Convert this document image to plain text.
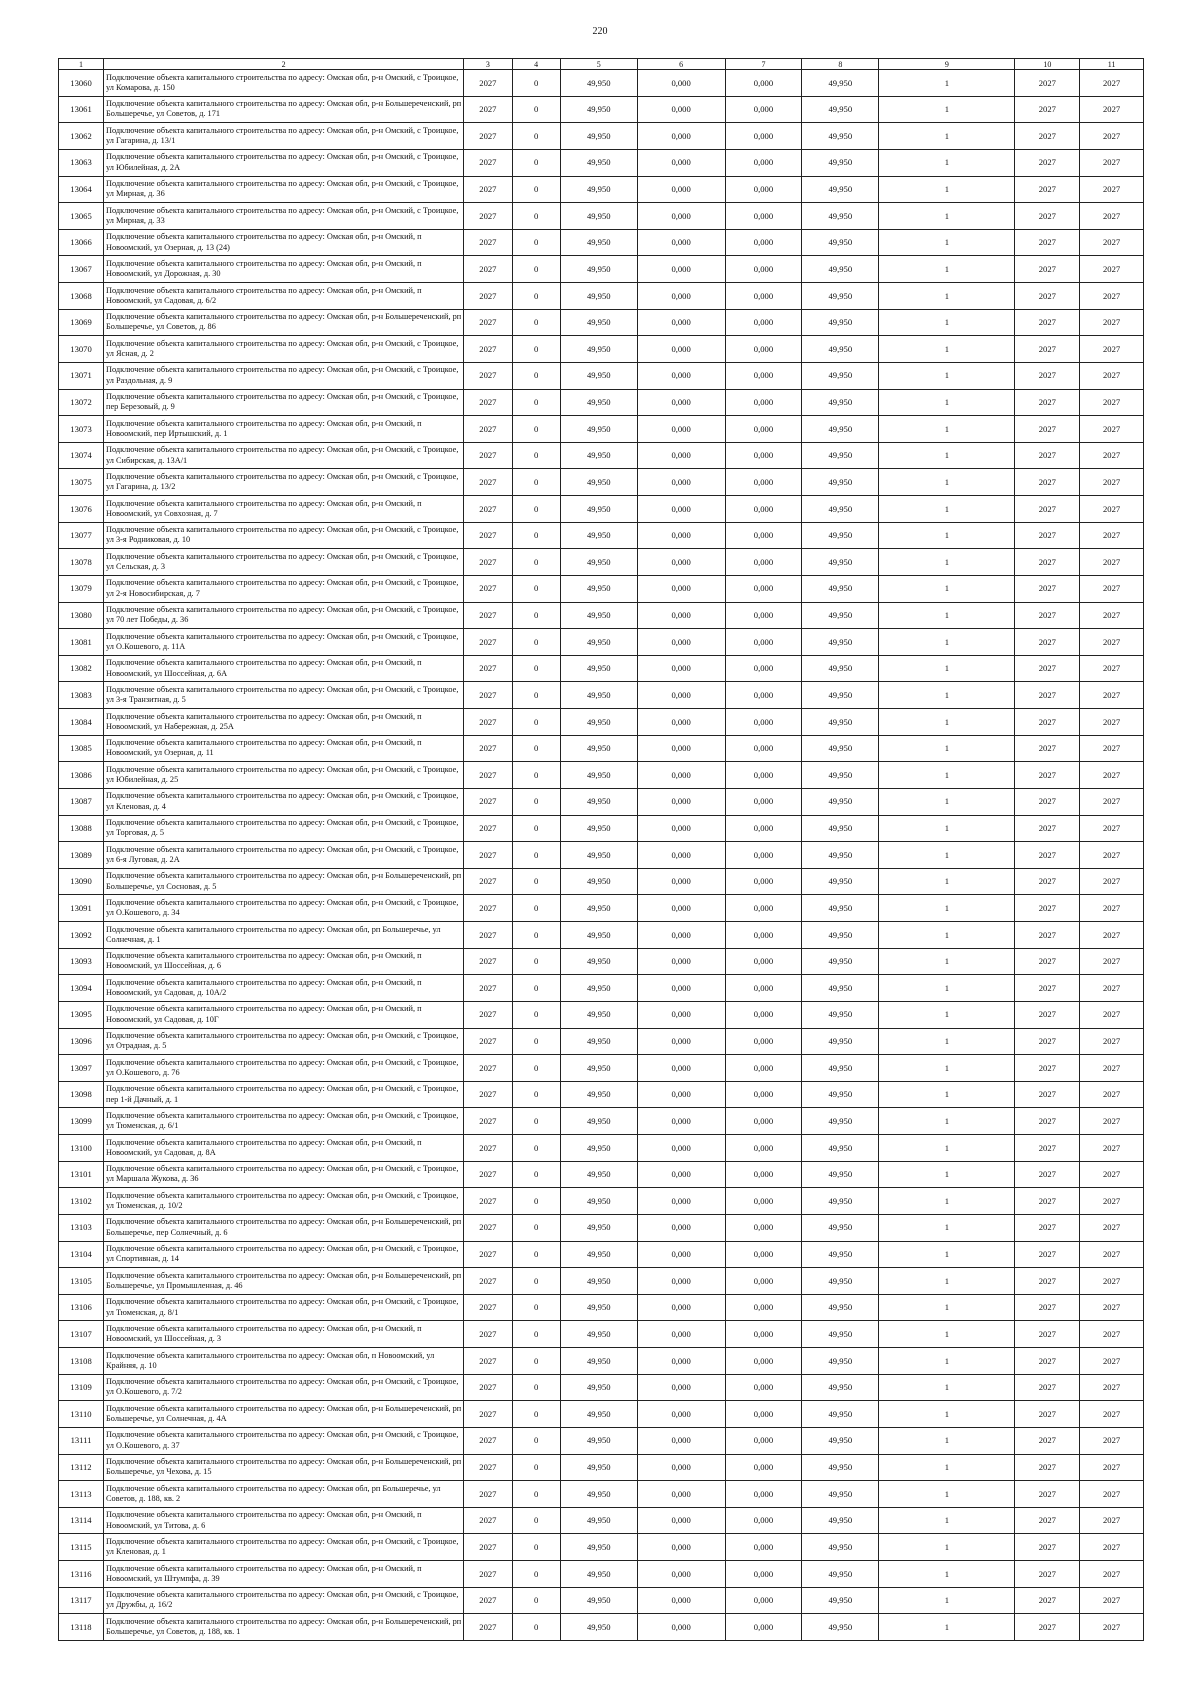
220
1	2	3	4	5	6	7	8	9	10	11
13060	Подключение объекта капитального строительства по адресу: Омская обл, р-н Омский, с Троицкое, ул Комарова, д. 150	2027	0	49,950	0,000	0,000	49,950	1	2027	2027
13061	Подключение объекта капитального строительства по адресу: Омская обл, р-н Большереченский, рп Большеречье, ул Советов, д. 171	2027	0	49,950	0,000	0,000	49,950	1	2027	2027
13062	Подключение объекта капитального строительства по адресу: Омская обл, р-н Омский, с Троицкое, ул Гагарина, д. 13/1	2027	0	49,950	0,000	0,000	49,950	1	2027	2027
13063	Подключение объекта капитального строительства по адресу: Омская обл, р-н Омский, с Троицкое, ул Юбилейная, д. 2А	2027	0	49,950	0,000	0,000	49,950	1	2027	2027
13064	Подключение объекта капитального строительства по адресу: Омская обл, р-н Омский, с Троицкое, ул Мирная, д. 36	2027	0	49,950	0,000	0,000	49,950	1	2027	2027
13065	Подключение объекта капитального строительства по адресу: Омская обл, р-н Омский, с Троицкое, ул Мирная, д. 33	2027	0	49,950	0,000	0,000	49,950	1	2027	2027
13066	Подключение объекта капитального строительства по адресу: Омская обл, р-н Омский, п Новоомский, ул Озерная, д. 13 (24)	2027	0	49,950	0,000	0,000	49,950	1	2027	2027
13067	Подключение объекта капитального строительства по адресу: Омская обл, р-н Омский, п Новоомский, ул Дорожная, д. 30	2027	0	49,950	0,000	0,000	49,950	1	2027	2027
13068	Подключение объекта капитального строительства по адресу: Омская обл, р-н Омский, п Новоомский, ул Садовая, д. 6/2	2027	0	49,950	0,000	0,000	49,950	1	2027	2027
13069	Подключение объекта капитального строительства по адресу: Омская обл, р-н Большереченский, рп Большеречье, ул Советов, д. 86	2027	0	49,950	0,000	0,000	49,950	1	2027	2027
13070	Подключение объекта капитального строительства по адресу: Омская обл, р-н Омский, с Троицкое, ул Ясная, д. 2	2027	0	49,950	0,000	0,000	49,950	1	2027	2027
13071	Подключение объекта капитального строительства по адресу: Омская обл, р-н Омский, с Троицкое, ул Раздольная, д. 9	2027	0	49,950	0,000	0,000	49,950	1	2027	2027
13072	Подключение объекта капитального строительства по адресу: Омская обл, р-н Омский, с Троицкое, пер Березовый, д. 9	2027	0	49,950	0,000	0,000	49,950	1	2027	2027
13073	Подключение объекта капитального строительства по адресу: Омская обл, р-н Омский, п Новоомский, пер Иртышский, д. 1	2027	0	49,950	0,000	0,000	49,950	1	2027	2027
13074	Подключение объекта капитального строительства по адресу: Омская обл, р-н Омский, с Троицкое, ул Сибирская, д. 13А/1	2027	0	49,950	0,000	0,000	49,950	1	2027	2027
13075	Подключение объекта капитального строительства по адресу: Омская обл, р-н Омский, с Троицкое, ул Гагарина, д. 13/2	2027	0	49,950	0,000	0,000	49,950	1	2027	2027
13076	Подключение объекта капитального строительства по адресу: Омская обл, р-н Омский, п Новоомский, ул Совхозная, д. 7	2027	0	49,950	0,000	0,000	49,950	1	2027	2027
13077	Подключение объекта капитального строительства по адресу: Омская обл, р-н Омский, с Троицкое, ул 3-я Родниковая, д. 10	2027	0	49,950	0,000	0,000	49,950	1	2027	2027
13078	Подключение объекта капитального строительства по адресу: Омская обл, р-н Омский, с Троицкое, ул Сельская, д. 3	2027	0	49,950	0,000	0,000	49,950	1	2027	2027
13079	Подключение объекта капитального строительства по адресу: Омская обл, р-н Омский, с Троицкое, ул 2-я Новосибирская, д. 7	2027	0	49,950	0,000	0,000	49,950	1	2027	2027
13080	Подключение объекта капитального строительства по адресу: Омская обл, р-н Омский, с Троицкое, ул 70 лет Победы, д. 36	2027	0	49,950	0,000	0,000	49,950	1	2027	2027
13081	Подключение объекта капитального строительства по адресу: Омская обл, р-н Омский, с Троицкое, ул О.Кошевого, д. 11А	2027	0	49,950	0,000	0,000	49,950	1	2027	2027
13082	Подключение объекта капитального строительства по адресу: Омская обл, р-н Омский, п Новоомский, ул Шоссейная, д. 6А	2027	0	49,950	0,000	0,000	49,950	1	2027	2027
13083	Подключение объекта капитального строительства по адресу: Омская обл, р-н Омский, с Троицкое, ул 3-я Транзитная, д. 5	2027	0	49,950	0,000	0,000	49,950	1	2027	2027
13084	Подключение объекта капитального строительства по адресу: Омская обл, р-н Омский, п Новоомский, ул Набережная, д. 25А	2027	0	49,950	0,000	0,000	49,950	1	2027	2027
13085	Подключение объекта капитального строительства по адресу: Омская обл, р-н Омский, п Новоомский, ул Озерная, д. 11	2027	0	49,950	0,000	0,000	49,950	1	2027	2027
13086	Подключение объекта капитального строительства по адресу: Омская обл, р-н Омский, с Троицкое, ул Юбилейная, д. 25	2027	0	49,950	0,000	0,000	49,950	1	2027	2027
13087	Подключение объекта капитального строительства по адресу: Омская обл, р-н Омский, с Троицкое, ул Кленовая, д. 4	2027	0	49,950	0,000	0,000	49,950	1	2027	2027
13088	Подключение объекта капитального строительства по адресу: Омская обл, р-н Омский, с Троицкое, ул Торговая, д. 5	2027	0	49,950	0,000	0,000	49,950	1	2027	2027
13089	Подключение объекта капитального строительства по адресу: Омская обл, р-н Омский, с Троицкое, ул 6-я Луговая, д. 2А	2027	0	49,950	0,000	0,000	49,950	1	2027	2027
13090	Подключение объекта капитального строительства по адресу: Омская обл, р-н Большереченский, рп Большеречье, ул Сосновая, д. 5	2027	0	49,950	0,000	0,000	49,950	1	2027	2027
13091	Подключение объекта капитального строительства по адресу: Омская обл, р-н Омский, с Троицкое, ул О.Кошевого, д. 34	2027	0	49,950	0,000	0,000	49,950	1	2027	2027
13092	Подключение объекта капитального строительства по адресу: Омская обл, рп Большеречье, ул Солнечная, д. 1	2027	0	49,950	0,000	0,000	49,950	1	2027	2027
13093	Подключение объекта капитального строительства по адресу: Омская обл, р-н Омский, п Новоомский, ул Шоссейная, д. 6	2027	0	49,950	0,000	0,000	49,950	1	2027	2027
13094	Подключение объекта капитального строительства по адресу: Омская обл, р-н Омский, п Новоомский, ул Садовая, д. 10А/2	2027	0	49,950	0,000	0,000	49,950	1	2027	2027
13095	Подключение объекта капитального строительства по адресу: Омская обл, р-н Омский, п Новоомский, ул Садовая, д. 10Г	2027	0	49,950	0,000	0,000	49,950	1	2027	2027
13096	Подключение объекта капитального строительства по адресу: Омская обл, р-н Омский, с Троицкое, ул Отрадная, д. 5	2027	0	49,950	0,000	0,000	49,950	1	2027	2027
13097	Подключение объекта капитального строительства по адресу: Омская обл, р-н Омский, с Троицкое, ул О.Кошевого, д. 76	2027	0	49,950	0,000	0,000	49,950	1	2027	2027
13098	Подключение объекта капитального строительства по адресу: Омская обл, р-н Омский, с Троицкое, пер 1-й Дачный, д. 1	2027	0	49,950	0,000	0,000	49,950	1	2027	2027
13099	Подключение объекта капитального строительства по адресу: Омская обл, р-н Омский, с Троицкое, ул Тюменская, д. 6/1	2027	0	49,950	0,000	0,000	49,950	1	2027	2027
13100	Подключение объекта капитального строительства по адресу: Омская обл, р-н Омский, п Новоомский, ул Садовая, д. 8А	2027	0	49,950	0,000	0,000	49,950	1	2027	2027
13101	Подключение объекта капитального строительства по адресу: Омская обл, р-н Омский, с Троицкое, ул Маршала Жукова, д. 36	2027	0	49,950	0,000	0,000	49,950	1	2027	2027
13102	Подключение объекта капитального строительства по адресу: Омская обл, р-н Омский, с Троицкое, ул Тюменская, д. 10/2	2027	0	49,950	0,000	0,000	49,950	1	2027	2027
13103	Подключение объекта капитального строительства по адресу: Омская обл, р-н Большереченский, рп Большеречье, пер Солнечный, д. 6	2027	0	49,950	0,000	0,000	49,950	1	2027	2027
13104	Подключение объекта капитального строительства по адресу: Омская обл, р-н Омский, с Троицкое, ул Спортивная, д. 14	2027	0	49,950	0,000	0,000	49,950	1	2027	2027
13105	Подключение объекта капитального строительства по адресу: Омская обл, р-н Большереченский, рп Большеречье, ул Промышленная, д. 46	2027	0	49,950	0,000	0,000	49,950	1	2027	2027
13106	Подключение объекта капитального строительства по адресу: Омская обл, р-н Омский, с Троицкое, ул Тюменская, д. 8/1	2027	0	49,950	0,000	0,000	49,950	1	2027	2027
13107	Подключение объекта капитального строительства по адресу: Омская обл, р-н Омский, п Новоомский, ул Шоссейная, д. 3	2027	0	49,950	0,000	0,000	49,950	1	2027	2027
13108	Подключение объекта капитального строительства по адресу: Омская обл, п Новоомский, ул Крайняя, д. 10	2027	0	49,950	0,000	0,000	49,950	1	2027	2027
13109	Подключение объекта капитального строительства по адресу: Омская обл, р-н Омский, с Троицкое, ул О.Кошевого, д. 7/2	2027	0	49,950	0,000	0,000	49,950	1	2027	2027
13110	Подключение объекта капитального строительства по адресу: Омская обл, р-н Большереченский, рп Большеречье, ул Солнечная, д. 4А	2027	0	49,950	0,000	0,000	49,950	1	2027	2027
13111	Подключение объекта капитального строительства по адресу: Омская обл, р-н Омский, с Троицкое, ул О.Кошевого, д. 37	2027	0	49,950	0,000	0,000	49,950	1	2027	2027
13112	Подключение объекта капитального строительства по адресу: Омская обл, р-н Большереченский, рп Большеречье, ул Чехова, д. 15	2027	0	49,950	0,000	0,000	49,950	1	2027	2027
13113	Подключение объекта капитального строительства по адресу: Омская обл, рп Большеречье, ул Советов, д. 188, кв. 2	2027	0	49,950	0,000	0,000	49,950	1	2027	2027
13114	Подключение объекта капитального строительства по адресу: Омская обл, р-н Омский, п Новоомский, ул Титова, д. 6	2027	0	49,950	0,000	0,000	49,950	1	2027	2027
13115	Подключение объекта капитального строительства по адресу: Омская обл, р-н Омский, с Троицкое, ул Кленовая, д. 1	2027	0	49,950	0,000	0,000	49,950	1	2027	2027
13116	Подключение объекта капитального строительства по адресу: Омская обл, р-н Омский, п Новоомский, ул Штумпфа, д. 39	2027	0	49,950	0,000	0,000	49,950	1	2027	2027
13117	Подключение объекта капитального строительства по адресу: Омская обл, р-н Омский, с Троицкое, ул Дружбы, д. 16/2	2027	0	49,950	0,000	0,000	49,950	1	2027	2027
13118	Подключение объекта капитального строительства по адресу: Омская обл, р-н Большереченский, рп Большеречье, ул Советов, д. 188, кв. 1	2027	0	49,950	0,000	0,000	49,950	1	2027	2027
